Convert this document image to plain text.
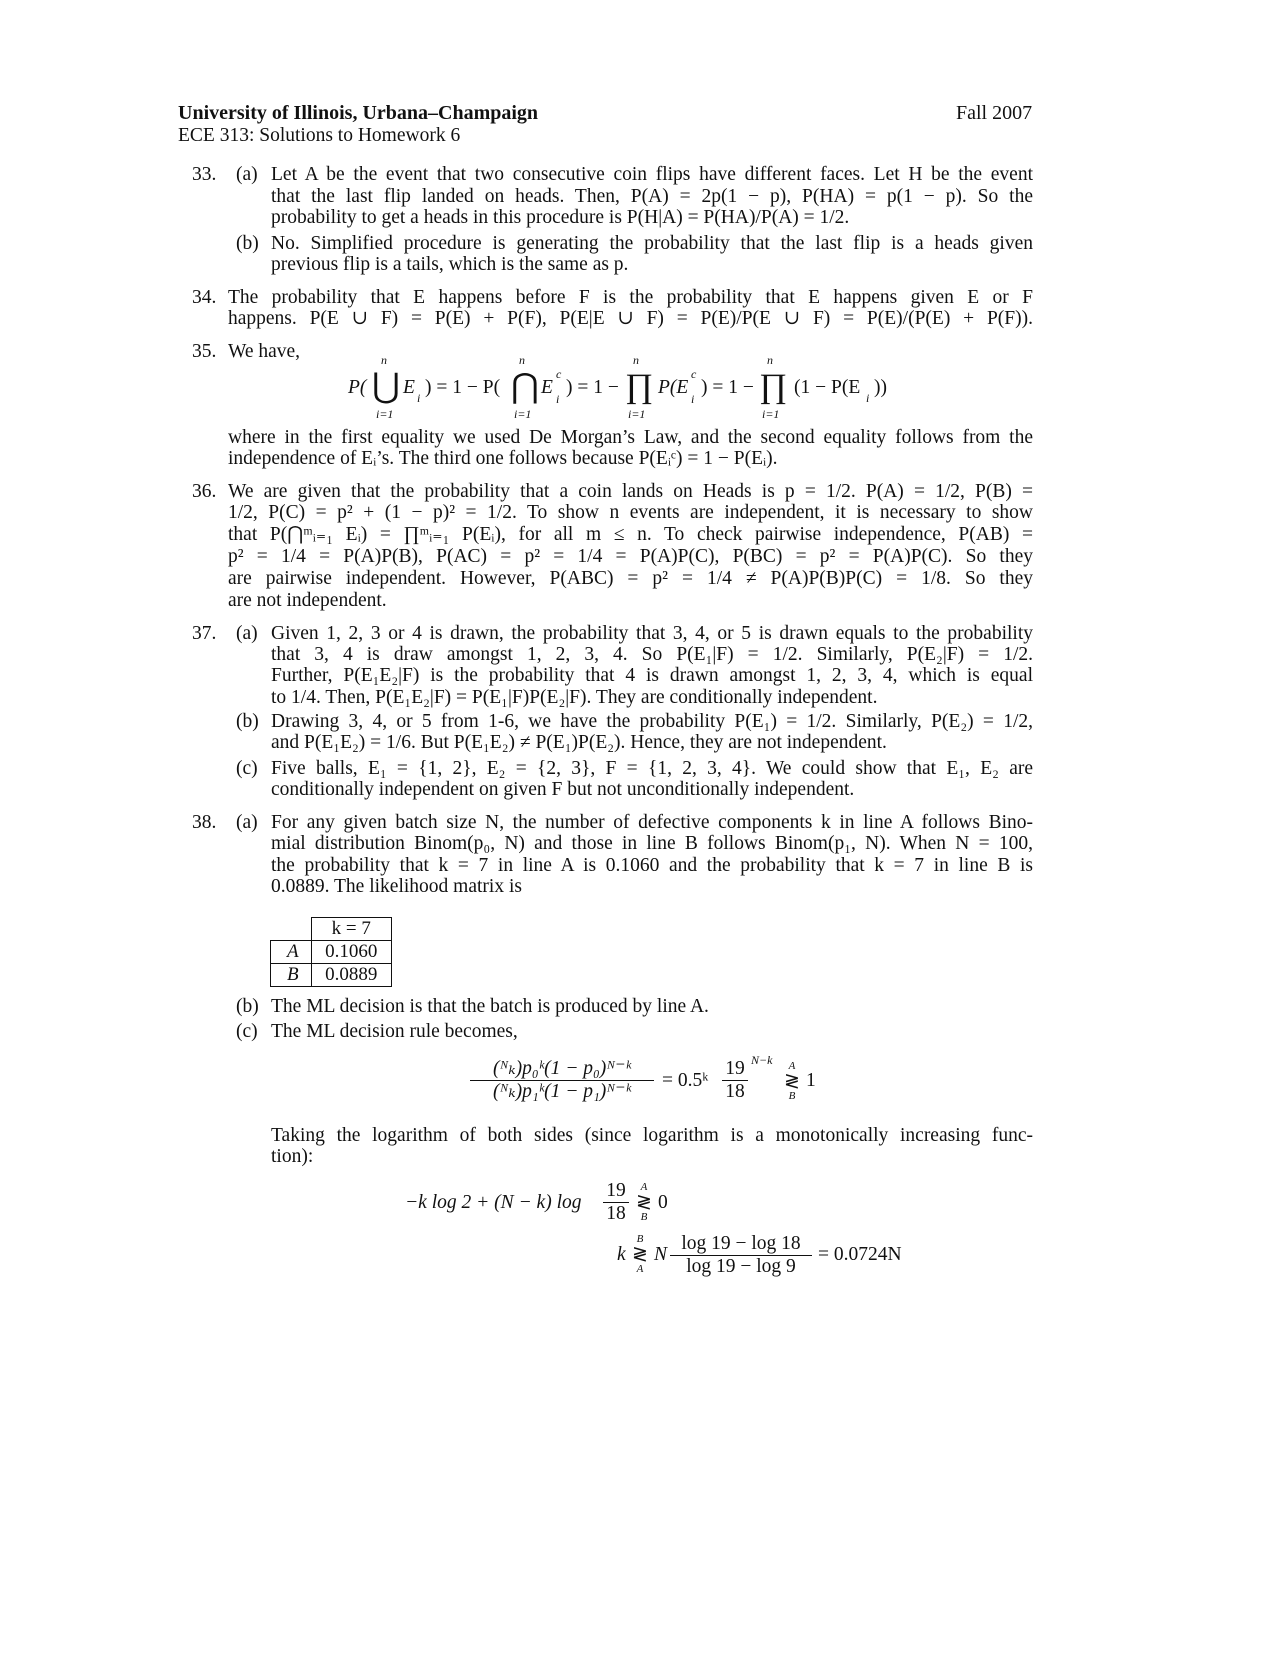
University of Illinois, Urbana–Champaign	Fall 2007
ECE 313: Solutions to Homework 6
33. (a) Let A be the event that two consecutive coin flips have different faces. Let H be the event
that the last flip landed on heads. Then, P(A) = 2p(1 − p), P(HA) = p(1 − p). So the
probability to get a heads in this procedure is P(H|A) = P(HA)/P(A) = 1/2.
(b) No. Simplified procedure is generating the probability that the last flip is a heads given
previous flip is a tails, which is the same as p.
34. The probability that E happens before F is the probability that E happens given E or F
happens. P(E ∪ F) = P(E) + P(F), P(E|E ∪ F) = P(E)/P(E ∪ F) = P(E)/(P(E) + P(F)).
35. We have,	n	n	n	n
P( ⋃ E i ) = 1 − P( ⋂ E
c
i
) = 1 − ∏ P(E
c
i
) = 1 − ∏ (1 − P(E i ))
i=1	i=1	i=1	i=1
where in the first equality we used De Morgan’s Law, and the second equality follows from the
independence of Eᵢ’s. The third one follows because P(Eᵢᶜ) = 1 − P(Eᵢ).
36. We are given that the probability that a coin lands on Heads is p = 1/2. P(A) = 1/2, P(B) =
1/2, P(C) = p² + (1 − p)² = 1/2. To show n events are independent, it is necessary to show
that P(⋂ᵐᵢ₌₁ Eᵢ) = ∏ᵐᵢ₌₁ P(Eᵢ), for all m ≤ n. To check pairwise independence, P(AB) =
p² = 1/4 = P(A)P(B), P(AC) = p² = 1/4 = P(A)P(C), P(BC) = p² = P(A)P(C). So they
are pairwise independent. However, P(ABC) = p² = 1/4 ≠ P(A)P(B)P(C) = 1/8. So they
are not independent.
37. (a) Given 1, 2, 3 or 4 is drawn, the probability that 3, 4, or 5 is drawn equals to the probability
that 3, 4 is draw amongst 1, 2, 3, 4. So P(E₁|F) = 1/2. Similarly, P(E₂|F) = 1/2.
Further, P(E₁E₂|F) is the probability that 4 is drawn amongst 1, 2, 3, 4, which is equal
to 1/4. Then, P(E₁E₂|F) = P(E₁|F)P(E₂|F). They are conditionally independent.
(b) Drawing 3, 4, or 5 from 1-6, we have the probability P(E₁) = 1/2. Similarly, P(E₂) = 1/2,
and P(E₁E₂) = 1/6. But P(E₁E₂) ≠ P(E₁)P(E₂). Hence, they are not independent.
(c) Five balls, E₁ = {1, 2}, E₂ = {2, 3}, F = {1, 2, 3, 4}. We could show that E₁, E₂ are
conditionally independent on given F but not unconditionally independent.
38. (a) For any given batch size N, the number of defective components k in line A follows Bino-
mial distribution Binom(p₀, N) and those in line B follows Binom(p₁, N). When N = 100,
the probability that k = 7 in line A is 0.1060 and the probability that k = 7 in line B is
0.0889. The likelihood matrix is
	k = 7
A	0.1060
B	0.0889
(b) The ML decision is that the batch is produced by line A.
(c) The ML decision rule becomes,
$\frac{\text{(ᴺₖ)p₀ᵏ(1 − p₀)ᴺ⁻ᵏ}}{\text{(ᴺₖ)p₁ᵏ(1 − p₁)ᴺ⁻ᵏ}}$ = 0.5ᵏ $\frac{19}{18} N-k$ A
≷
B
1
Taking the logarithm of both sides (since logarithm is a monotonically increasing func-
tion):
−k log 2 + (N − k) $\log \frac{19}{18}$ A
≷
B
0
k
B
≷
A
N $\frac{\log 19 - \log 18}{\log 19 - \log 9} = 0.0724N$
